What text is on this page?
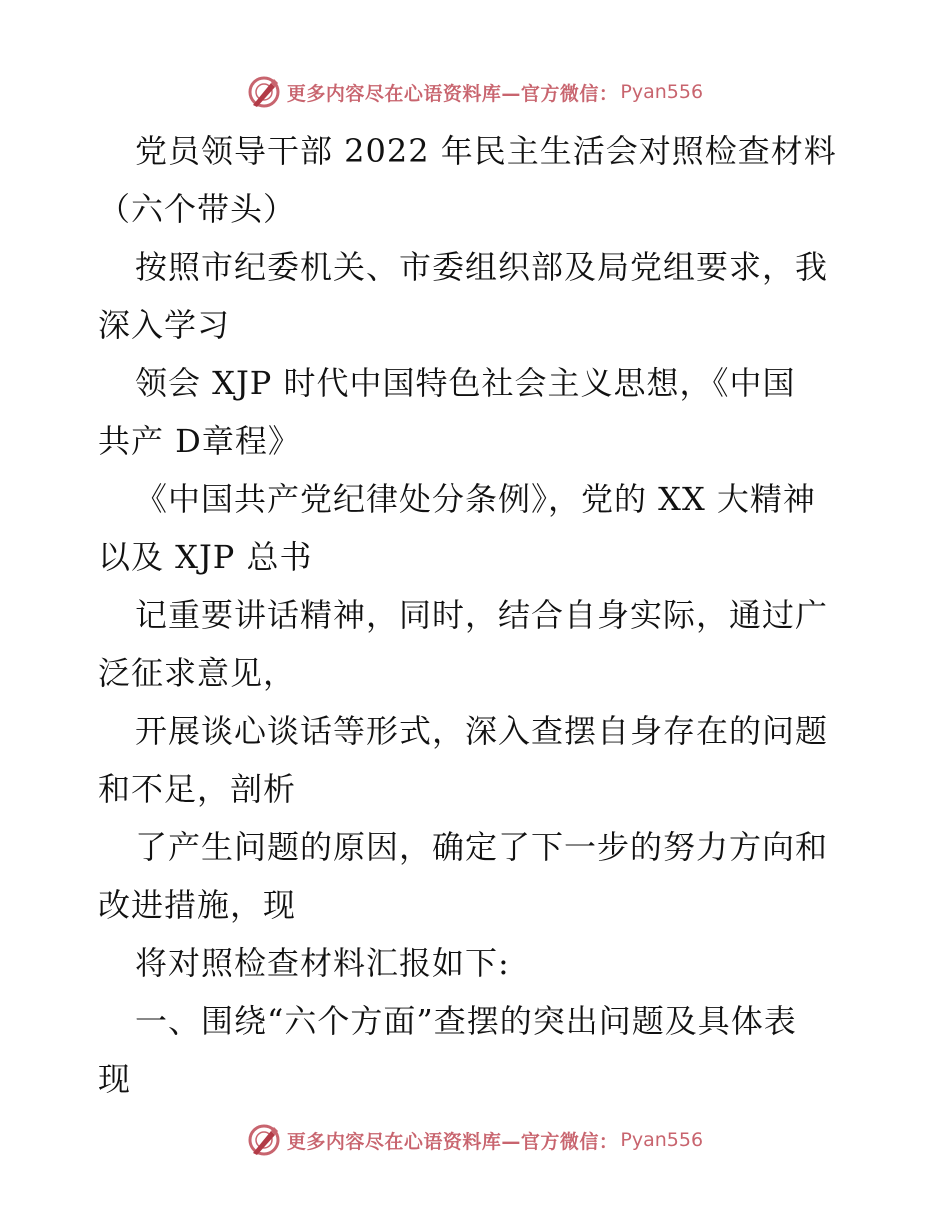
更多内容尽在心语资料库—官方微信： Pyan556
党员领导干部 2022 年民主生活会对照检查材料
（六个带头）
按照市纪委机关、市委组织部及局党组要求，我
深入学习
领会 XJP 时代中国特色社会主义思想，《中国
共产 D章程》
《中国共产党纪律处分条例》，党的 XX 大精神
以及 XJP 总书
记重要讲话精神，同时，结合自身实际，通过广
泛征求意见，
开展谈心谈话等形式，深入查摆自身存在的问题
和不足，剖析
了产生问题的原因，确定了下一步的努力方向和
改进措施，现
将对照检查材料汇报如下:
一、围绕“六个方面”查摆的突出问题及具体表
现
更多内容尽在心语资料库—官方微信： Pyan556
